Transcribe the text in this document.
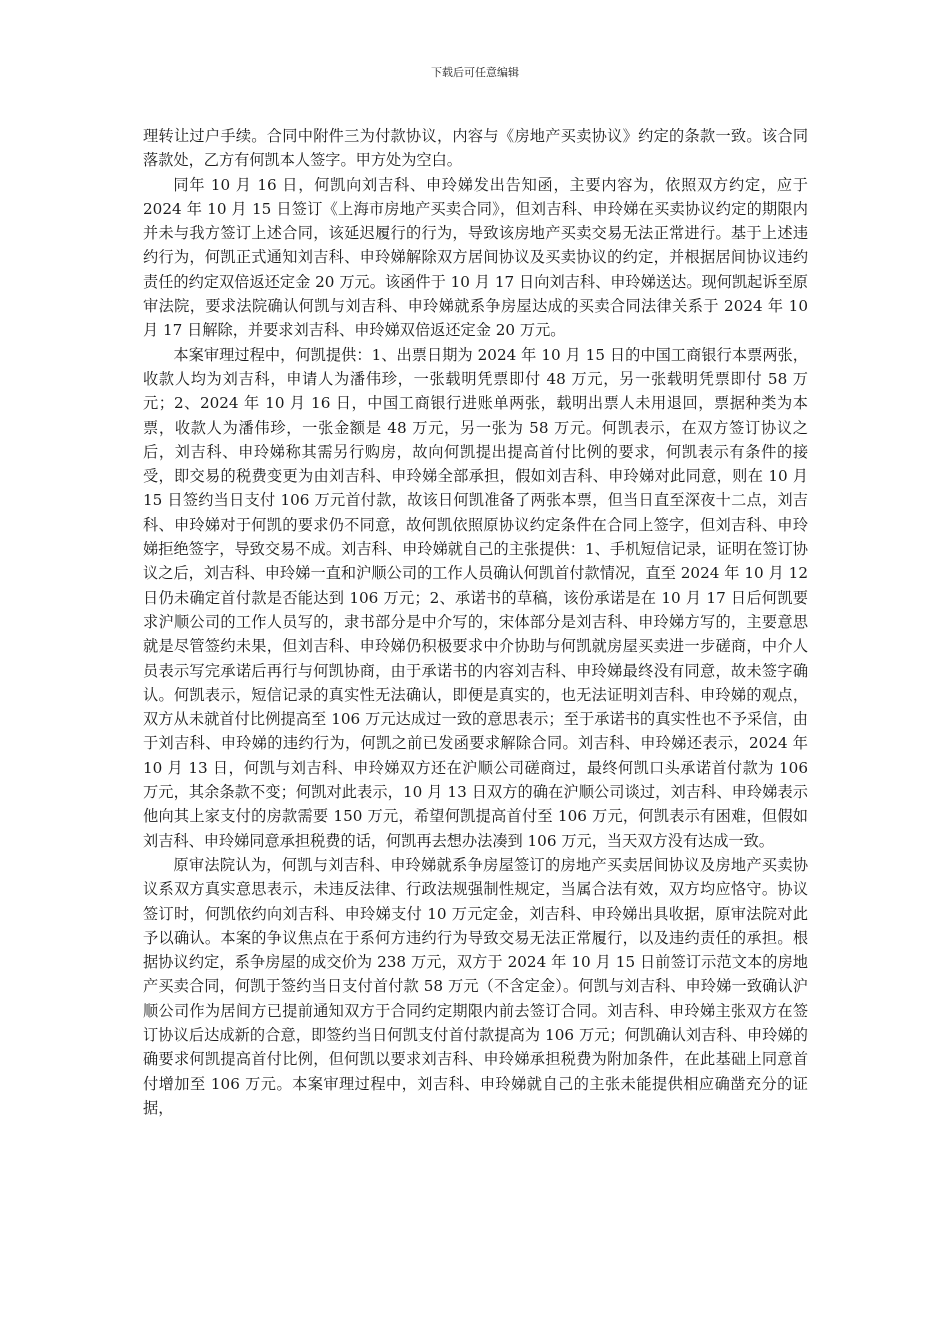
下载后可任意编辑

理转让过户手续。合同中附件三为付款协议，内容与《房地产买卖协议》约定的条款一致。该合同落款处，乙方有何凯本人签字。甲方处为空白。

同年 10 月 16 日，何凯向刘吉科、申玲娣发出告知函，主要内容为，依照双方约定，应于 2024 年 10 月 15 日签订《上海市房地产买卖合同》，但刘吉科、申玲娣在买卖协议约定的期限内并未与我方签订上述合同，该延迟履行的行为，导致该房地产买卖交易无法正常进行。基于上述违约行为，何凯正式通知刘吉科、申玲娣解除双方居间协议及买卖协议的约定，并根据居间协议违约责任的约定双倍返还定金 20 万元。该函件于 10 月 17 日向刘吉科、申玲娣送达。现何凯起诉至原审法院，要求法院确认何凯与刘吉科、申玲娣就系争房屋达成的买卖合同法律关系于 2024 年 10 月 17 日解除，并要求刘吉科、申玲娣双倍返还定金 20 万元。

本案审理过程中，何凯提供：1、出票日期为 2024 年 10 月 15 日的中国工商银行本票两张，收款人均为刘吉科，申请人为潘伟珍，一张载明凭票即付 48 万元，另一张载明凭票即付 58 万元；2、2024 年 10 月 16 日，中国工商银行进账单两张，载明出票人未用退回，票据种类为本票，收款人为潘伟珍，一张金额是 48 万元，另一张为 58 万元。何凯表示，在双方签订协议之后，刘吉科、申玲娣称其需另行购房，故向何凯提出提高首付比例的要求，何凯表示有条件的接受，即交易的税费变更为由刘吉科、申玲娣全部承担，假如刘吉科、申玲娣对此同意，则在 10 月 15 日签约当日支付 106 万元首付款，故该日何凯准备了两张本票，但当日直至深夜十二点，刘吉科、申玲娣对于何凯的要求仍不同意，故何凯依照原协议约定条件在合同上签字，但刘吉科、申玲娣拒绝签字，导致交易不成。刘吉科、申玲娣就自己的主张提供：1、手机短信记录，证明在签订协议之后，刘吉科、申玲娣一直和沪顺公司的工作人员确认何凯首付款情况，直至 2024 年 10 月 12 日仍未确定首付款是否能达到 106 万元；2、承诺书的草稿，该份承诺是在 10 月 17 日后何凯要求沪顺公司的工作人员写的，隶书部分是中介写的，宋体部分是刘吉科、申玲娣方写的，主要意思就是尽管签约未果，但刘吉科、申玲娣仍积极要求中介协助与何凯就房屋买卖进一步磋商，中介人员表示写完承诺后再行与何凯协商，由于承诺书的内容刘吉科、申玲娣最终没有同意，故未签字确认。何凯表示，短信记录的真实性无法确认，即便是真实的，也无法证明刘吉科、申玲娣的观点，双方从未就首付比例提高至 106 万元达成过一致的意思表示；至于承诺书的真实性也不予采信，由于刘吉科、申玲娣的违约行为，何凯之前已发函要求解除合同。刘吉科、申玲娣还表示，2024 年 10 月 13 日，何凯与刘吉科、申玲娣双方还在沪顺公司磋商过，最终何凯口头承诺首付款为 106 万元，其余条款不变；何凯对此表示，10 月 13 日双方的确在沪顺公司谈过，刘吉科、申玲娣表示他向其上家支付的房款需要 150 万元，希望何凯提高首付至 106 万元，何凯表示有困难，但假如刘吉科、申玲娣同意承担税费的话，何凯再去想办法凑到 106 万元，当天双方没有达成一致。

原审法院认为，何凯与刘吉科、申玲娣就系争房屋签订的房地产买卖居间协议及房地产买卖协议系双方真实意思表示，未违反法律、行政法规强制性规定，当属合法有效，双方均应恪守。协议签订时，何凯依约向刘吉科、申玲娣支付 10 万元定金，刘吉科、申玲娣出具收据，原审法院对此予以确认。本案的争议焦点在于系何方违约行为导致交易无法正常履行，以及违约责任的承担。根据协议约定，系争房屋的成交价为 238 万元，双方于 2024 年 10 月 15 日前签订示范文本的房地产买卖合同，何凯于签约当日支付首付款 58 万元（不含定金）。何凯与刘吉科、申玲娣一致确认沪顺公司作为居间方已提前通知双方于合同约定期限内前去签订合同。刘吉科、申玲娣主张双方在签订协议后达成新的合意，即签约当日何凯支付首付款提高为 106 万元；何凯确认刘吉科、申玲娣的确要求何凯提高首付比例，但何凯以要求刘吉科、申玲娣承担税费为附加条件，在此基础上同意首付增加至 106 万元。本案审理过程中，刘吉科、申玲娣就自己的主张未能提供相应确凿充分的证据，
